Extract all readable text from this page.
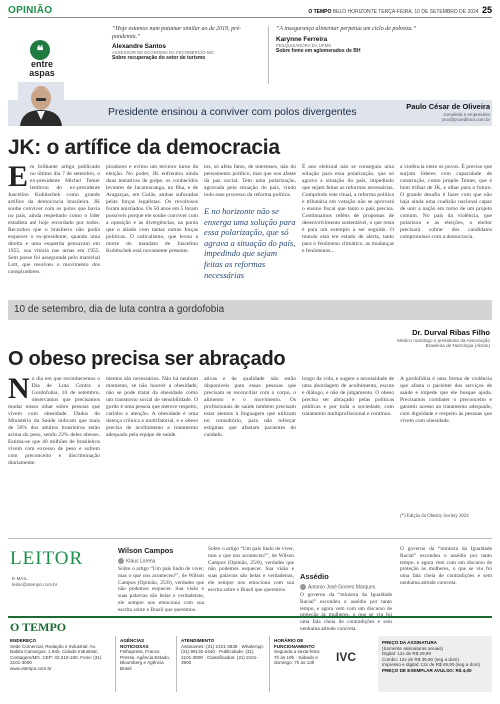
OPINIÃO	O TEMPO BELO HORIZONTE TERÇA-FEIRA, 10 DE SETEMBRO DE 2024 25
❝
entre
aspas
“Hoje estamos num patamar similar ao de 2019, pré-pandemia.”
Alexandre Santos
ASSESSOR DE ECONOMIA DA FECOMÉRCIO-MG
Sobre recuperação do setor de turismo
“A insegurança alimentar perpetua um ciclo de pobreza.”
Karynne Ferreira
PESQUISADORA DA UFMG
Sobre fome em aglomerados de BH
Presidente ensinou a conviver com polos divergentes	Paulo César de Oliveira
Jornalista e empresário
pco@pcoeditora.com.br
JK: o artífice da democracia
E m brilhante artigo publicado no último dia 7 de setembro, o ex-presidente Michel Temer lembrou do ex-presidente Juscelino Kubitschek como grande artífice da democracia brasileira. JK soube conviver com os polos que havia no país, ainda respeitado como o líder estadista até hoje recordado por todos. Recordou que o brasileiro não podia esquecer o ex-presidente, quando uma direita e uma esquerda pensavam em 1955, sua vitória nas urnas em 1955. Sem posse foi assegurada pelo marechal Lott, que resolveu o movimento dos conspiradores.
piradores e evitou um terceiro turno da eleição. No poder, JK enfrentou ainda duas tentativas de golpe, os conhecidos levantes de Jacareacanga, na Ilha, e de Aragarças, em Goiás, ambas sufocadas pelas forças legalistas. Os revoltosos foram anistiados. Os 50 anos em 5 foram possíveis porque ele soube conviver com a oposição e as divergências, na ponta que o aliado com tantas outras forças políticas. O radicalismo, que levou a morte do mandato de Juscelino Kubitschek está novamente presente.
tos, só afeta fatos, de interesses, não do pensamento político, mas que nos afaste da paz social. Tem uma polarização, agravada pela situação do país, vindo todo esse processo da reforma política.
E no horizonte não se enxerga uma solução para essa polarização, que só agrava a situação do país, impedindo que sejam feitas as reformas necessárias
É ano eleitoral não se conseguiu uma solução para essa polarização, que só agrava a situação do país, impedindo que sejam feitas as reformas necessárias. Cumprindo este ritual, a reforma política e tributária em votação não se aprovará o ensino fiscal que tanto o país precisa. Continuamos reféns de propostas de desenvolvimento sustentável, o que resta é para um exemplo a ser seguido. O mundo está em estado de alerta, tanto para o fenômeno climático, as mudanças e fenômenos...
a violência entre os povos. É preciso que surjam líderes com capacidade de construção, como propõe Temer, que é bom trilhar de JK, e olhar para o futuro. O grande desafio é fazer com que não haja ainda uma coalizão nacional capaz de unir a nação em torno de um projeto comum. No país da violência, que polarizou e as eleições, o eleitor precisará cobrar dos candidatos compromisso com a democracia.
10 de setembro, dia de luta contra a gordofobia
Dr. Durval Ribas Filho
Médico nutrólogo e presidente da Associação
Brasileira de Nutrologia (Abran)
O obeso precisa ser abraçado
N o dia em que reconhecemos o Dia de Luta Contra a Gordofobia, 10 de setembro, observamos que precisamos mudar nosso olhar sobre pessoas que vivem com obesidade. Dados do Ministério da Saúde indicam que mais de 56% dos adultos brasileiros estão acima do peso, sendo 22% deles obesos. Estima-se que 40 milhões de brasileiros vivem com excesso de peso e sofrem com preconceito e discriminação diariamente.
mentos são necessários. Não há nenhum momento, se não houver a obesidade, não se pode tratar da obesidade como um transtorno social de sensibilidade. O gordo é uma pessoa que merece respeito, carinho e atenção. A obesidade é uma doença crônica e multifatorial, e o obeso precisa de acolhimento e tratamento adequado pela equipe de saúde.
ativas e de qualidade não estão disponíveis para essas pessoas que precisam se reconciliar com o corpo, o alimento e o movimento. Os profissionais de saúde também precisam estar atentos à linguagem que utilizam no consultório, para não reforçar estigmas que afastam pacientes do cuidado.
longo da vida, e sugere a necessidade de uma abordagem de acolhimento, escuta e diálogo, e não de julgamento. O obeso precisa ser abraçado pelas políticas públicas e por toda a sociedade, com tratamento multiprofissional e contínuo.
A gordofobia é uma forma de violência que afasta o paciente dos serviços de saúde e impede que ele busque ajuda. Precisamos combater o preconceito e garantir acesso ao tratamento adequado, com dignidade e respeito às pessoas que vivem com obesidade.
(*) Edição do Obesity Society 2024
LEITOR
E-MAIL
leitor@otempo.com.br
Wilson Campos
Klaus Lorena
Sobre o artigo “Um país lindo de viver, mas o que nos aconteceu?”, de Wilson Campos (Opinião, 25/8), verdades que não podemos esquecer. Sua visão e suas palavras são belas e verdadeiras, ele sempre nos emociona com sua escrita sobre o Brasil que queremos.
Sobre o artigo “Um país lindo de viver, mas o que nos aconteceu?”, de Wilson Campos (Opinião, 25/8), verdades que não podemos esquecer. Sua visão e suas palavras são belas e verdadeiras, ele sempre nos emociona com sua escrita sobre o Brasil que queremos.
Assédio
Antonio José Gomes Marques
O governo da “ministra da Igualdade Racial” escondeu o assédio por tanto tempo, e agora vem com um discurso de uma fala cheia de contradições e sem nenhuma atitude concreta.
O governo da “ministra da Igualdade Racial” escondeu o assédio por tanto tempo, e agora vem com um discurso de proteção às mulheres, o que se viu foi uma fala cheia de contradições e sem nenhuma atitude concreta.
O TEMPO
ENDEREÇO
Sede Comercial, Redação e Industrial: Av. Babita Camargos, 1.645, Cidade Industrial, Contagem/MG. CEP: 32.210-180. Fone: (31) 2101-3000
www.otempo.com.br
AGÊNCIAS NOTICIOSAS
Folhapress, France Presse, Agência Estado, Bloomberg e Agência Brasil
ATENDIMENTO
Assinantes: (31) 2101-3838 · WhatsApp: (31) 99132-2440 · Publicidade: (31) 2101-3800 · Classificados: (31) 2101-3900
HORÁRIO DE FUNCIONAMENTO
Segunda a sexta-feira: 7h às 19h · Sábado e domingo: 7h às 13h	IVC
PREÇO DA ASSINATURA
(Somente assinaturas anuais)
Digital: 12x de R$ 29,90
Combo: 12x de R$ 39,90 (seg a dom)
Impresso e digital: 12x de R$ 49,90 (seg a dom)
PREÇO DE EXEMPLAR AVULSO: R$ 4,00
